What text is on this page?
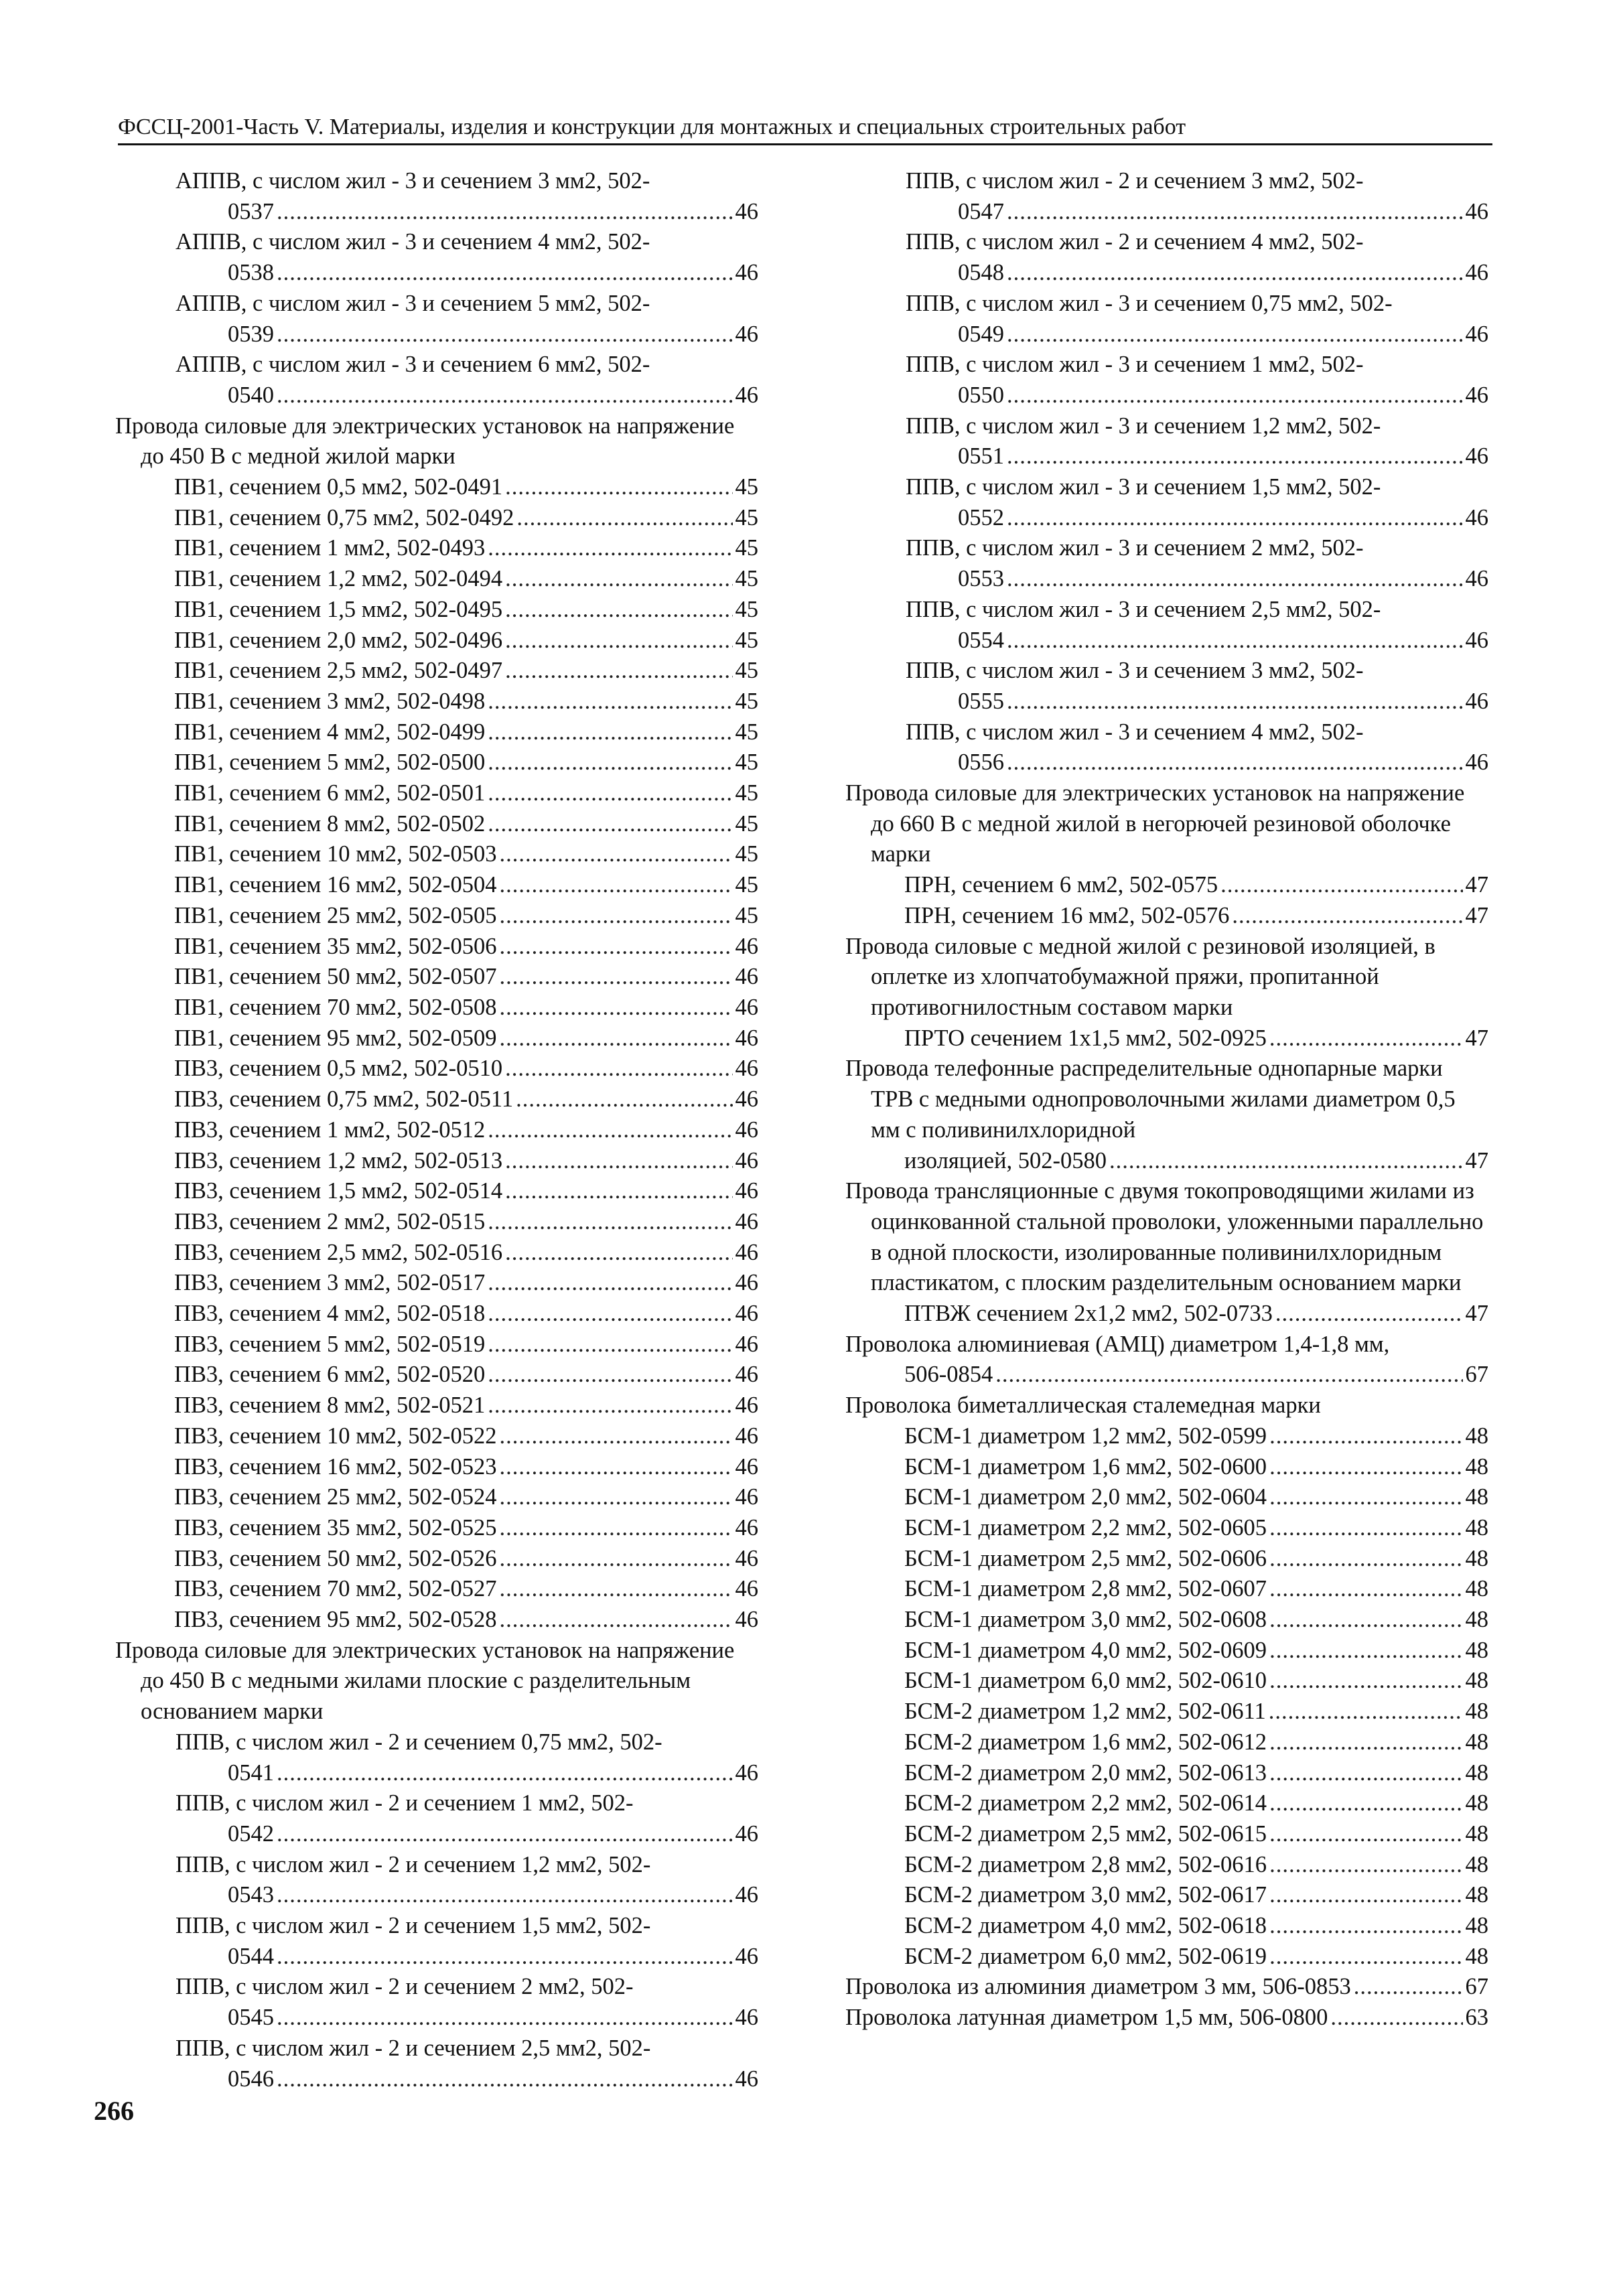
ФССЦ-2001-Часть V. Материалы, изделия и конструкции для монтажных и специальных строительных работ
АППВ, с числом жил - 3 и сечением 3 мм2, 502-
0537 .....	46
АППВ, с числом жил - 3 и сечением 4 мм2, 502-
0538 .....	46
АППВ, с числом жил - 3 и сечением 5 мм2, 502-
0539 .....	46
АППВ, с числом жил - 3 и сечением 6 мм2, 502-
0540 .....	46
Провода силовые для электрических установок на напряжение до 450 В с медной жилой марки
ПВ1, сечением 0,5 мм2, 502-0491 .....	45
ПВ1, сечением 0,75 мм2, 502-0492 .....	45
ПВ1, сечением 1 мм2, 502-0493 .....	45
ПВ1, сечением 1,2 мм2, 502-0494 .....	45
ПВ1, сечением 1,5 мм2, 502-0495 .....	45
ПВ1, сечением 2,0 мм2, 502-0496 .....	45
ПВ1, сечением 2,5 мм2, 502-0497 .....	45
ПВ1, сечением 3 мм2, 502-0498 .....	45
ПВ1, сечением 4 мм2, 502-0499 .....	45
ПВ1, сечением 5 мм2, 502-0500 .....	45
ПВ1, сечением 6 мм2, 502-0501 .....	45
ПВ1, сечением 8 мм2, 502-0502 .....	45
ПВ1, сечением 10 мм2, 502-0503 .....	45
ПВ1, сечением 16 мм2, 502-0504 .....	45
ПВ1, сечением 25 мм2, 502-0505 .....	45
ПВ1, сечением 35 мм2, 502-0506 .....	46
ПВ1, сечением 50 мм2, 502-0507 .....	46
ПВ1, сечением 70 мм2, 502-0508 .....	46
ПВ1, сечением 95 мм2, 502-0509 .....	46
ПВ3, сечением 0,5 мм2, 502-0510 .....	46
ПВ3, сечением 0,75 мм2, 502-0511 .....	46
ПВ3, сечением 1 мм2, 502-0512 .....	46
ПВ3, сечением 1,2 мм2, 502-0513 .....	46
ПВ3, сечением 1,5 мм2, 502-0514 .....	46
ПВ3, сечением 2 мм2, 502-0515 .....	46
ПВ3, сечением 2,5 мм2, 502-0516 .....	46
ПВ3, сечением 3 мм2, 502-0517 .....	46
ПВ3, сечением 4 мм2, 502-0518 .....	46
ПВ3, сечением 5 мм2, 502-0519 .....	46
ПВ3, сечением 6 мм2, 502-0520 .....	46
ПВ3, сечением 8 мм2, 502-0521 .....	46
ПВ3, сечением 10 мм2, 502-0522 .....	46
ПВ3, сечением 16 мм2, 502-0523 .....	46
ПВ3, сечением 25 мм2, 502-0524 .....	46
ПВ3, сечением 35 мм2, 502-0525 .....	46
ПВ3, сечением 50 мм2, 502-0526 .....	46
ПВ3, сечением 70 мм2, 502-0527 .....	46
ПВ3, сечением 95 мм2, 502-0528 .....	46
Провода силовые для электрических установок на напряжение до 450 В с медными жилами плоские с разделительным основанием марки
ППВ, с числом жил - 2 и сечением 0,75 мм2, 502-
0541 .....	46
ППВ, с числом жил - 2 и сечением 1 мм2, 502-
0542 .....	46
ППВ, с числом жил - 2 и сечением 1,2 мм2, 502-
0543 .....	46
ППВ, с числом жил - 2 и сечением 1,5 мм2, 502-
0544 .....	46
ППВ, с числом жил - 2 и сечением 2 мм2, 502-
0545 .....	46
ППВ, с числом жил - 2 и сечением 2,5 мм2, 502-
0546 .....	46
ППВ, с числом жил - 2 и сечением 3 мм2, 502-
0547 .....	46
ППВ, с числом жил - 2 и сечением 4 мм2, 502-
0548 .....	46
ППВ, с числом жил - 3 и сечением 0,75 мм2, 502-
0549 .....	46
ППВ, с числом жил - 3 и сечением 1 мм2, 502-
0550 .....	46
ППВ, с числом жил - 3 и сечением 1,2 мм2, 502-
0551 .....	46
ППВ, с числом жил - 3 и сечением 1,5 мм2, 502-
0552 .....	46
ППВ, с числом жил - 3 и сечением 2 мм2, 502-
0553 .....	46
ППВ, с числом жил - 3 и сечением 2,5 мм2, 502-
0554 .....	46
ППВ, с числом жил - 3 и сечением 3 мм2, 502-
0555 .....	46
ППВ, с числом жил - 3 и сечением 4 мм2, 502-
0556 .....	46
Провода силовые для электрических установок на напряжение до 660 В с медной жилой в негорючей резиновой оболочке марки
ПРН, сечением 6 мм2, 502-0575 .....	47
ПРН, сечением 16 мм2, 502-0576 .....	47
Провода силовые с медной жилой с резиновой изоляцией, в оплетке из хлопчатобумажной пряжи, пропитанной противогнилостным составом марки
ПРТО сечением 1x1,5 мм2, 502-0925 .....	47
Провода телефонные распределительные однопарные марки ТРВ с медными однопроволочными жилами диаметром 0,5 мм с поливинилхлоридной
изоляцией, 502-0580 .....	47
Провода трансляционные с двумя токопроводящими жилами из оцинкованной стальной проволоки, уложенными параллельно в одной плоскости, изолированные поливинилхлоридным пластикатом, с плоским разделительным основанием марки
ПТВЖ сечением 2x1,2 мм2, 502-0733 .....	47
Проволока алюминиевая (АМЦ) диаметром 1,4-1,8 мм,
506-0854 .....	67
Проволока биметаллическая сталемедная марки
БСМ-1 диаметром 1,2 мм2, 502-0599 .....	48
БСМ-1 диаметром 1,6 мм2, 502-0600 .....	48
БСМ-1 диаметром 2,0 мм2, 502-0604 .....	48
БСМ-1 диаметром 2,2 мм2, 502-0605 .....	48
БСМ-1 диаметром 2,5 мм2, 502-0606 .....	48
БСМ-1 диаметром 2,8 мм2, 502-0607 .....	48
БСМ-1 диаметром 3,0 мм2, 502-0608 .....	48
БСМ-1 диаметром 4,0 мм2, 502-0609 .....	48
БСМ-1 диаметром 6,0 мм2, 502-0610 .....	48
БСМ-2 диаметром 1,2 мм2, 502-0611 .....	48
БСМ-2 диаметром 1,6 мм2, 502-0612 .....	48
БСМ-2 диаметром 2,0 мм2, 502-0613 .....	48
БСМ-2 диаметром 2,2 мм2, 502-0614 .....	48
БСМ-2 диаметром 2,5 мм2, 502-0615 .....	48
БСМ-2 диаметром 2,8 мм2, 502-0616 .....	48
БСМ-2 диаметром 3,0 мм2, 502-0617 .....	48
БСМ-2 диаметром 4,0 мм2, 502-0618 .....	48
БСМ-2 диаметром 6,0 мм2, 502-0619 .....	48
Проволока из алюминия диаметром 3 мм, 506-0853 .....	67
Проволока латунная диаметром 1,5 мм, 506-0800 .....	63
266
